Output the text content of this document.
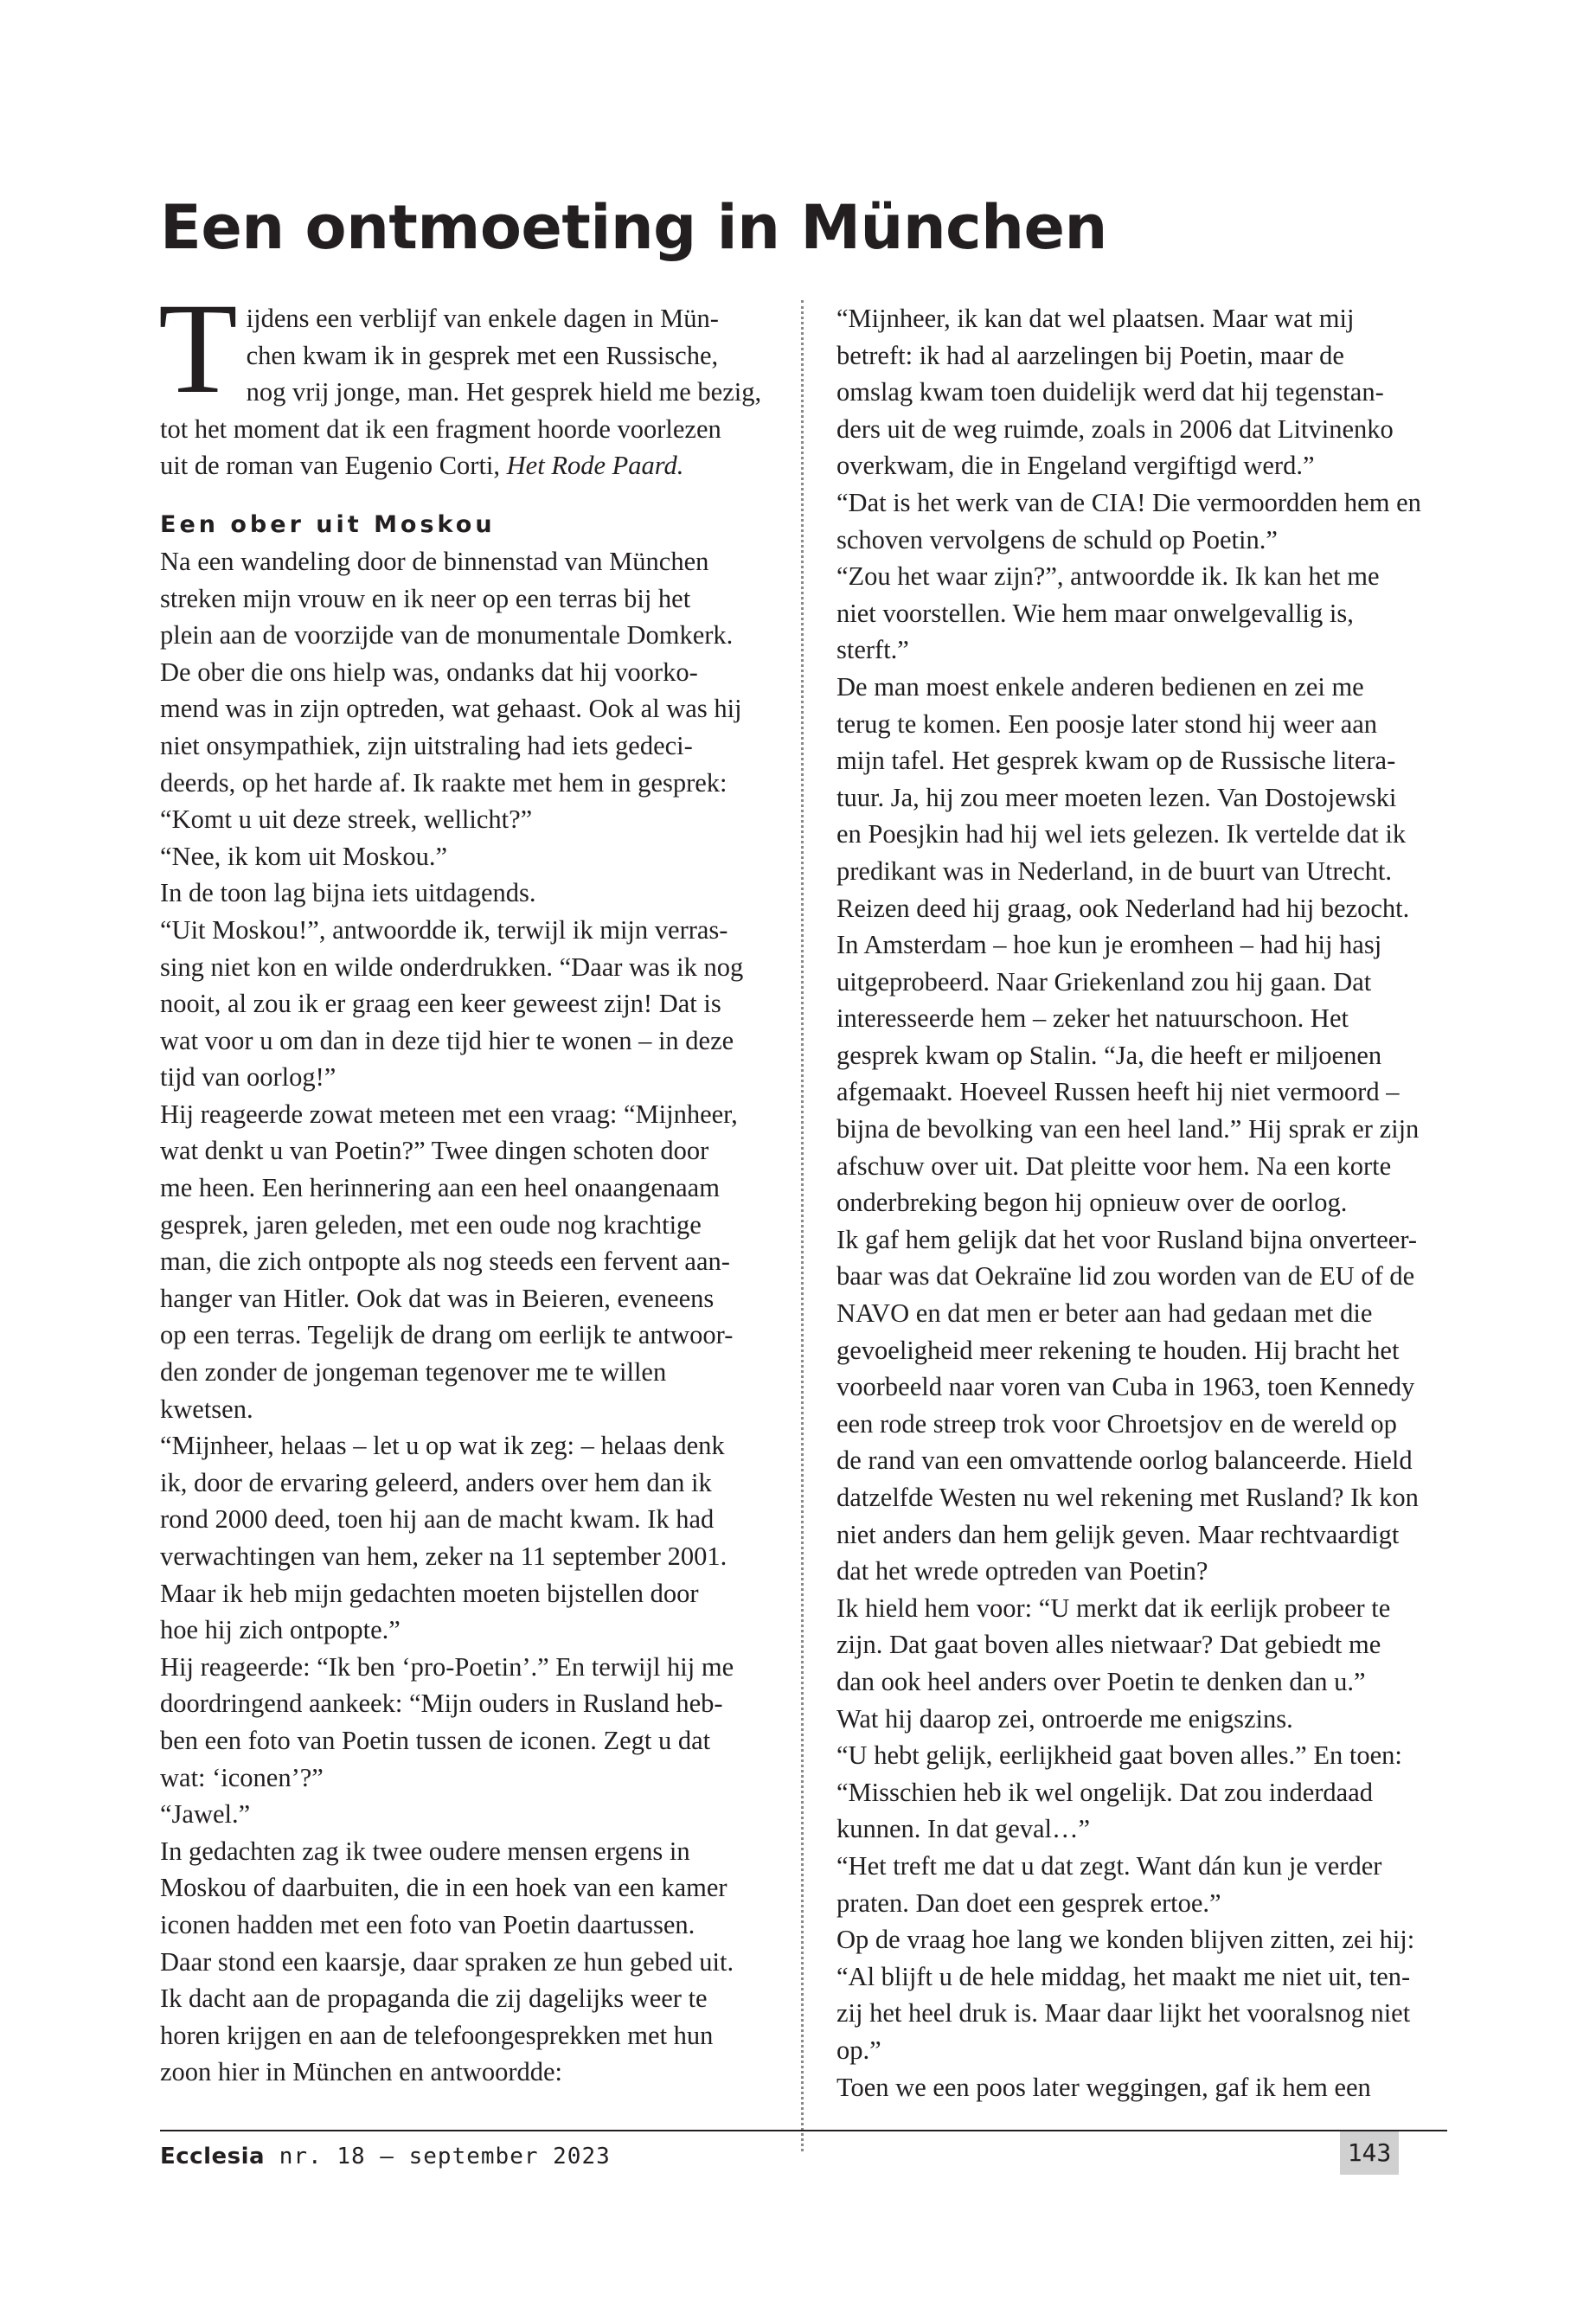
Een ontmoeting in München
T ijdens een verblijf van enkele dagen in Mün-
chen kwam ik in gesprek met een Russische,
nog vrij jonge, man. Het gesprek hield me bezig,
tot het moment dat ik een fragment hoorde voorlezen
uit de roman van Eugenio Corti, Het Rode Paard.

Een ober uit Moskou

Na een wandeling door de binnenstad van München

streken mijn vrouw en ik neer op een terras bij het

plein aan de voorzijde van de monumentale Domkerk.

De ober die ons hielp was, ondanks dat hij voorko-

mend was in zijn optreden, wat gehaast. Ook al was hij

niet onsympathiek, zijn uitstraling had iets gedeci-

deerds, op het harde af. Ik raakte met hem in gesprek:

“Komt u uit deze streek, wellicht?”

“Nee, ik kom uit Moskou.”

In de toon lag bijna iets uitdagends.

“Uit Moskou!”, antwoordde ik, terwijl ik mijn verras-

sing niet kon en wilde onderdrukken. “Daar was ik nog

nooit, al zou ik er graag een keer geweest zijn! Dat is

wat voor u om dan in deze tijd hier te wonen – in deze

tijd van oorlog!”

Hij reageerde zowat meteen met een vraag: “Mijnheer,

wat denkt u van Poetin?” Twee dingen schoten door

me heen. Een herinnering aan een heel onaangenaam

gesprek, jaren geleden, met een oude nog krachtige

man, die zich ontpopte als nog steeds een fervent aan-

hanger van Hitler. Ook dat was in Beieren, eveneens

op een terras. Tegelijk de drang om eerlijk te antwoor-

den zonder de jongeman tegenover me te willen

kwetsen.

“Mijnheer, helaas – let u op wat ik zeg: – helaas denk

ik, door de ervaring geleerd, anders over hem dan ik

rond 2000 deed, toen hij aan de macht kwam. Ik had

verwachtingen van hem, zeker na 11 september 2001.

Maar ik heb mijn gedachten moeten bijstellen door

hoe hij zich ontpopte.”

Hij reageerde: “Ik ben ‘pro-Poetin’.” En terwijl hij me

doordringend aankeek: “Mijn ouders in Rusland heb-

ben een foto van Poetin tussen de iconen. Zegt u dat

wat: ‘iconen’?”

“Jawel.”

In gedachten zag ik twee oudere mensen ergens in

Moskou of daarbuiten, die in een hoek van een kamer

iconen hadden met een foto van Poetin daartussen.

Daar stond een kaarsje, daar spraken ze hun gebed uit.

Ik dacht aan de propaganda die zij dagelijks weer te

horen krijgen en aan de telefoongesprekken met hun

zoon hier in München en antwoordde:

“Mijnheer, ik kan dat wel plaatsen. Maar wat mij

betreft: ik had al aarzelingen bij Poetin, maar de

omslag kwam toen duidelijk werd dat hij tegenstan-

ders uit de weg ruimde, zoals in 2006 dat Litvinenko

overkwam, die in Engeland vergiftigd werd.”

“Dat is het werk van de CIA! Die vermoordden hem en

schoven vervolgens de schuld op Poetin.”

“Zou het waar zijn?”, antwoordde ik. Ik kan het me

niet voorstellen. Wie hem maar onwelgevallig is,

sterft.”

De man moest enkele anderen bedienen en zei me

terug te komen. Een poosje later stond hij weer aan

mijn tafel. Het gesprek kwam op de Russische litera-

tuur. Ja, hij zou meer moeten lezen. Van Dostojewski

en Poesjkin had hij wel iets gelezen. Ik vertelde dat ik

predikant was in Nederland, in de buurt van Utrecht.

Reizen deed hij graag, ook Nederland had hij bezocht.

In Amsterdam – hoe kun je eromheen – had hij hasj

uitgeprobeerd. Naar Griekenland zou hij gaan. Dat

interesseerde hem – zeker het natuurschoon. Het

gesprek kwam op Stalin. “Ja, die heeft er miljoenen

afgemaakt. Hoeveel Russen heeft hij niet vermoord –

bijna de bevolking van een heel land.” Hij sprak er zijn

afschuw over uit. Dat pleitte voor hem. Na een korte

onderbreking begon hij opnieuw over de oorlog.

Ik gaf hem gelijk dat het voor Rusland bijna onverteer-

baar was dat Oekraïne lid zou worden van de EU of de

NAVO en dat men er beter aan had gedaan met die

gevoeligheid meer rekening te houden. Hij bracht het

voorbeeld naar voren van Cuba in 1963, toen Kennedy

een rode streep trok voor Chroetsjov en de wereld op

de rand van een omvattende oorlog balanceerde. Hield

datzelfde Westen nu wel rekening met Rusland? Ik kon

niet anders dan hem gelijk geven. Maar rechtvaardigt

dat het wrede optreden van Poetin?

Ik hield hem voor: “U merkt dat ik eerlijk probeer te

zijn. Dat gaat boven alles nietwaar? Dat gebiedt me

dan ook heel anders over Poetin te denken dan u.”

Wat hij daarop zei, ontroerde me enigszins.

“U hebt gelijk, eerlijkheid gaat boven alles.” En toen:

“Misschien heb ik wel ongelijk. Dat zou inderdaad

kunnen. In dat geval…”

“Het treft me dat u dat zegt. Want dán kun je verder

praten. Dan doet een gesprek ertoe.”

Op de vraag hoe lang we konden blijven zitten, zei hij:

“Al blijft u de hele middag, het maakt me niet uit, ten-

zij het heel druk is. Maar daar lijkt het vooralsnog niet

op.”

Toen we een poos later weggingen, gaf ik hem een

Ecclesia nr. 18 – september 2023	143
